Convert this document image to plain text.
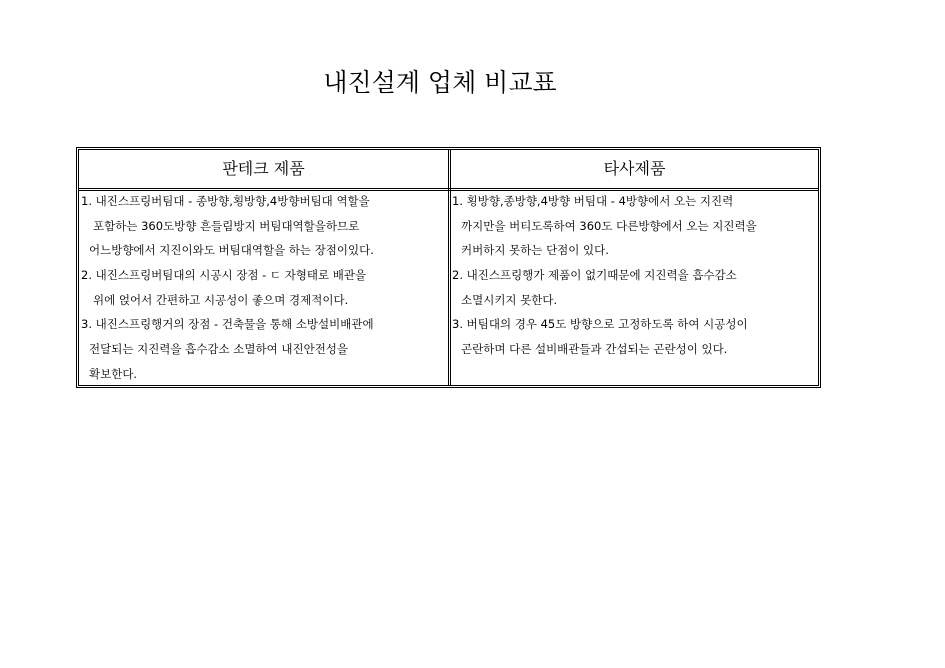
내진설계 업체 비교표
판테크 제품	타사제품
1. 내진스프링버팀대 - 종방향,횡방향,4방향버팀대 역할을
포함하는 360도방향 흔들림방지 버팀대역할을하므로
어느방향에서 지진이와도 버팀대역할을 하는 장점이있다.
2. 내진스프링버팀대의 시공시 장점 - ㄷ 자형태로 배관을
위에 얹어서 간편하고 시공성이 좋으며 경제적이다.
3. 내진스프링행거의 장점 - 건축물을 통해 소방설비배관에
전달되는 지진력을 흡수감소 소멸하여 내진안전성을
확보한다.
1. 횡방향,종방향,4방향 버팀대 - 4방향에서 오는 지진력
까지만을 버티도록하여 360도 다른방향에서 오는 지진력을
커버하지 못하는 단점이 있다.
2. 내진스프링행가 제품이 없기때문에 지진력을 흡수감소
소멸시키지 못한다.
3. 버팀대의 경우 45도 방향으로 고정하도록 하여 시공성이
곤란하며 다른 설비배관들과 간섭되는 곤란성이 있다.
